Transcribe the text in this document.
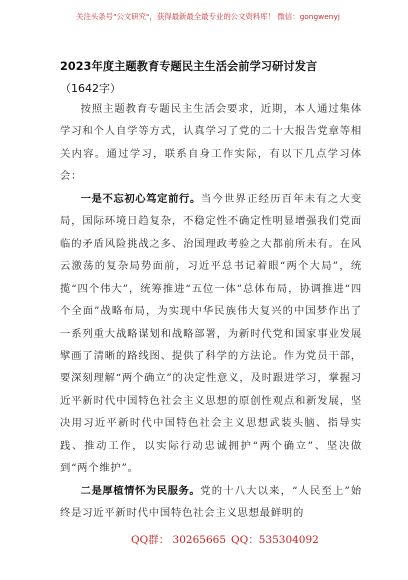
关注头条号"公文研究"，获得最新最全最专业的公文资料库！ 微信：gongwenyj
2023年度主题教育专题民主生活会前学习研讨发言
（1642字）

按照主题教育专题民主生活会要求，近期，本人通过集体学习和个人自学等方式，认真学习了党的二十大报告党章等相关内容。通过学习，联系自身工作实际，有以下几点学习体会：

一是不忘初心笃定前行。当今世界正经历百年未有之大变局，国际环境日趋复杂，不稳定性不确定性明显增强我们党面临的矛盾风险挑战之多、治国理政考验之大都前所未有。在风云激荡的复杂局势面前，习近平总书记着眼“两个大局”，统揽“四个伟大”，统筹推进“五位一体”总体布局，协调推进“四个全面”战略布局，为实现中华民族伟大复兴的中国梦作出了一系列重大战略谋划和战略部署，为新时代党和国家事业发展擘画了清晰的路线图、提供了科学的方法论。作为党员干部，要深刻理解“两个确立”的决定性意义，及时跟进学习，掌握习近平新时代中国特色社会主义思想的原创性观点和新发展，坚决用习近平新时代中国特色社会主义思想武装头脑、指导实践、推动工作，以实际行动忠诚拥护“两个确立”、坚决做到“两个维护”。

二是厚植情怀为民服务。党的十八大以来，“人民至上”始终是习近平新时代中国特色社会主义思想最鲜明的

QQ群： 30265665 QQ：535304092
